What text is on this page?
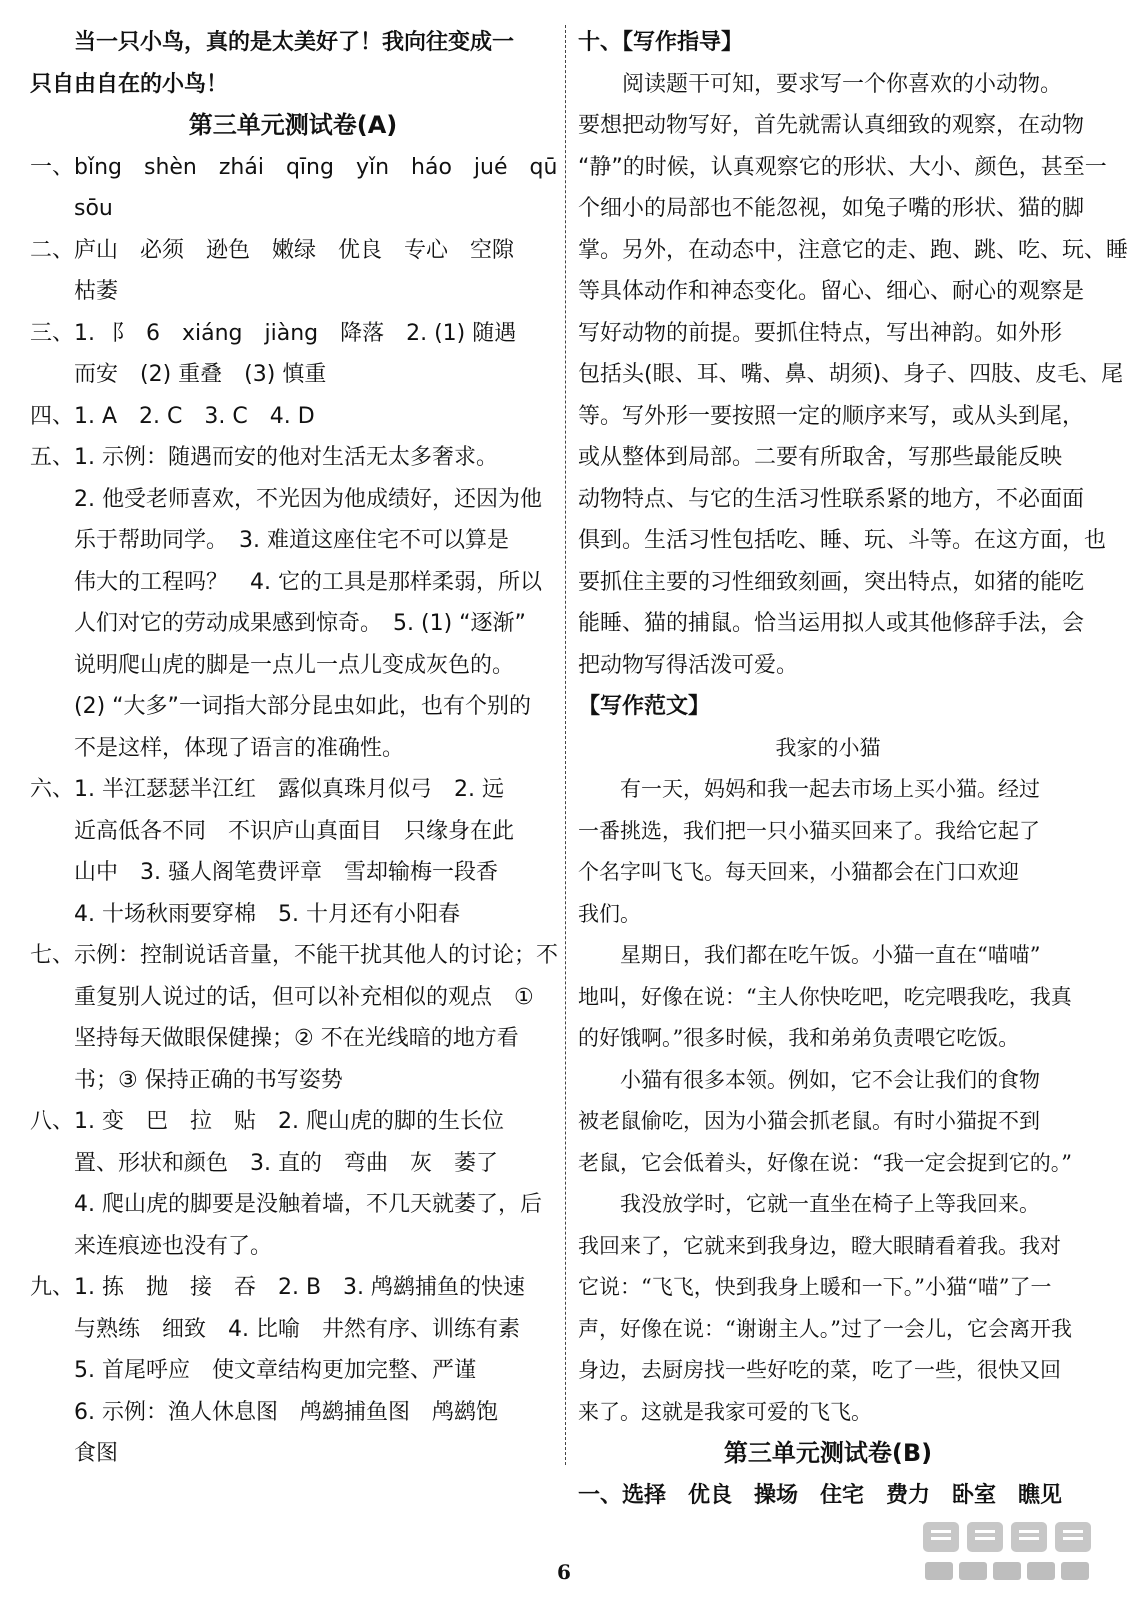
　　当一只小鸟，真的是太美好了！我向往变成一
只自由自在的小鸟！
第三单元测试卷(A)
一、bǐng　shèn　zhái　qīng　yǐn　háo　jué　qū
　　sōu
二、庐山　必须　逊色　嫩绿　优良　专心　空隙
　　枯萎
三、1. ⻏　6　xiáng　jiàng　降落　2. (1) 随遇
　　而安　(2) 重叠　(3) 慎重
四、1. A　2. C　3. C　4. D
五、1. 示例：随遇而安的他对生活无太多奢求。
　　2. 他受老师喜欢，不光因为他成绩好，还因为他
　　乐于帮助同学。　3. 难道这座住宅不可以算是
　　伟大的工程吗？　4. 它的工具是那样柔弱，所以
　　人们对它的劳动成果感到惊奇。　5. (1) “逐渐”
　　说明爬山虎的脚是一点儿一点儿变成灰色的。
　　(2) “大多”一词指大部分昆虫如此，也有个别的
　　不是这样，体现了语言的准确性。
六、1. 半江瑟瑟半江红　露似真珠月似弓　2. 远
　　近高低各不同　不识庐山真面目　只缘身在此
　　山中　3. 骚人阁笔费评章　雪却输梅一段香
　　4. 十场秋雨要穿棉　5. 十月还有小阳春
七、示例：控制说话音量，不能干扰其他人的讨论；不
　　重复别人说过的话，但可以补充相似的观点　①
　　坚持每天做眼保健操；② 不在光线暗的地方看
　　书；③ 保持正确的书写姿势
八、1. 变　巴　拉　贴　2. 爬山虎的脚的生长位
　　置、形状和颜色　3. 直的　弯曲　灰　萎了
　　4. 爬山虎的脚要是没触着墙，不几天就萎了，后
　　来连痕迹也没有了。
九、1. 拣　抛　接　吞　2. B　3. 鸬鹚捕鱼的快速
　　与熟练　细致　4. 比喻　井然有序、训练有素
　　5. 首尾呼应　使文章结构更加完整、严谨
　　6. 示例：渔人休息图　鸬鹚捕鱼图　鸬鹚饱
　　食图
十、【写作指导】
　　阅读题干可知，要求写一个你喜欢的小动物。
要想把动物写好，首先就需认真细致的观察，在动物
“静”的时候，认真观察它的形状、大小、颜色，甚至一
个细小的局部也不能忽视，如兔子嘴的形状、猫的脚
掌。另外，在动态中，注意它的走、跑、跳、吃、玩、睡
等具体动作和神态变化。留心、细心、耐心的观察是
写好动物的前提。要抓住特点，写出神韵。如外形
包括头(眼、耳、嘴、鼻、胡须)、身子、四肢、皮毛、尾
等。写外形一要按照一定的顺序来写，或从头到尾，
或从整体到局部。二要有所取舍，写那些最能反映
动物特点、与它的生活习性联系紧的地方，不必面面
俱到。生活习性包括吃、睡、玩、斗等。在这方面，也
要抓住主要的习性细致刻画，突出特点，如猪的能吃
能睡、猫的捕鼠。恰当运用拟人或其他修辞手法，会
把动物写得活泼可爱。
【写作范文】
我家的小猫
　　有一天，妈妈和我一起去市场上买小猫。经过
一番挑选，我们把一只小猫买回来了。我给它起了
个名字叫飞飞。每天回来，小猫都会在门口欢迎
我们。
　　星期日，我们都在吃午饭。小猫一直在“喵喵”
地叫，好像在说：“主人你快吃吧，吃完喂我吃，我真
的好饿啊。”很多时候，我和弟弟负责喂它吃饭。
　　小猫有很多本领。例如，它不会让我们的食物
被老鼠偷吃，因为小猫会抓老鼠。有时小猫捉不到
老鼠，它会低着头，好像在说：“我一定会捉到它的。”
　　我没放学时，它就一直坐在椅子上等我回来。
我回来了，它就来到我身边，瞪大眼睛看着我。我对
它说：“飞飞，快到我身上暖和一下。”小猫“喵”了一
声，好像在说：“谢谢主人。”过了一会儿，它会离开我
身边，去厨房找一些好吃的菜，吃了一些，很快又回
来了。这就是我家可爱的飞飞。
第三单元测试卷(B)
一、选择　优良　操场　住宅　费力　卧室　瞧见
6
